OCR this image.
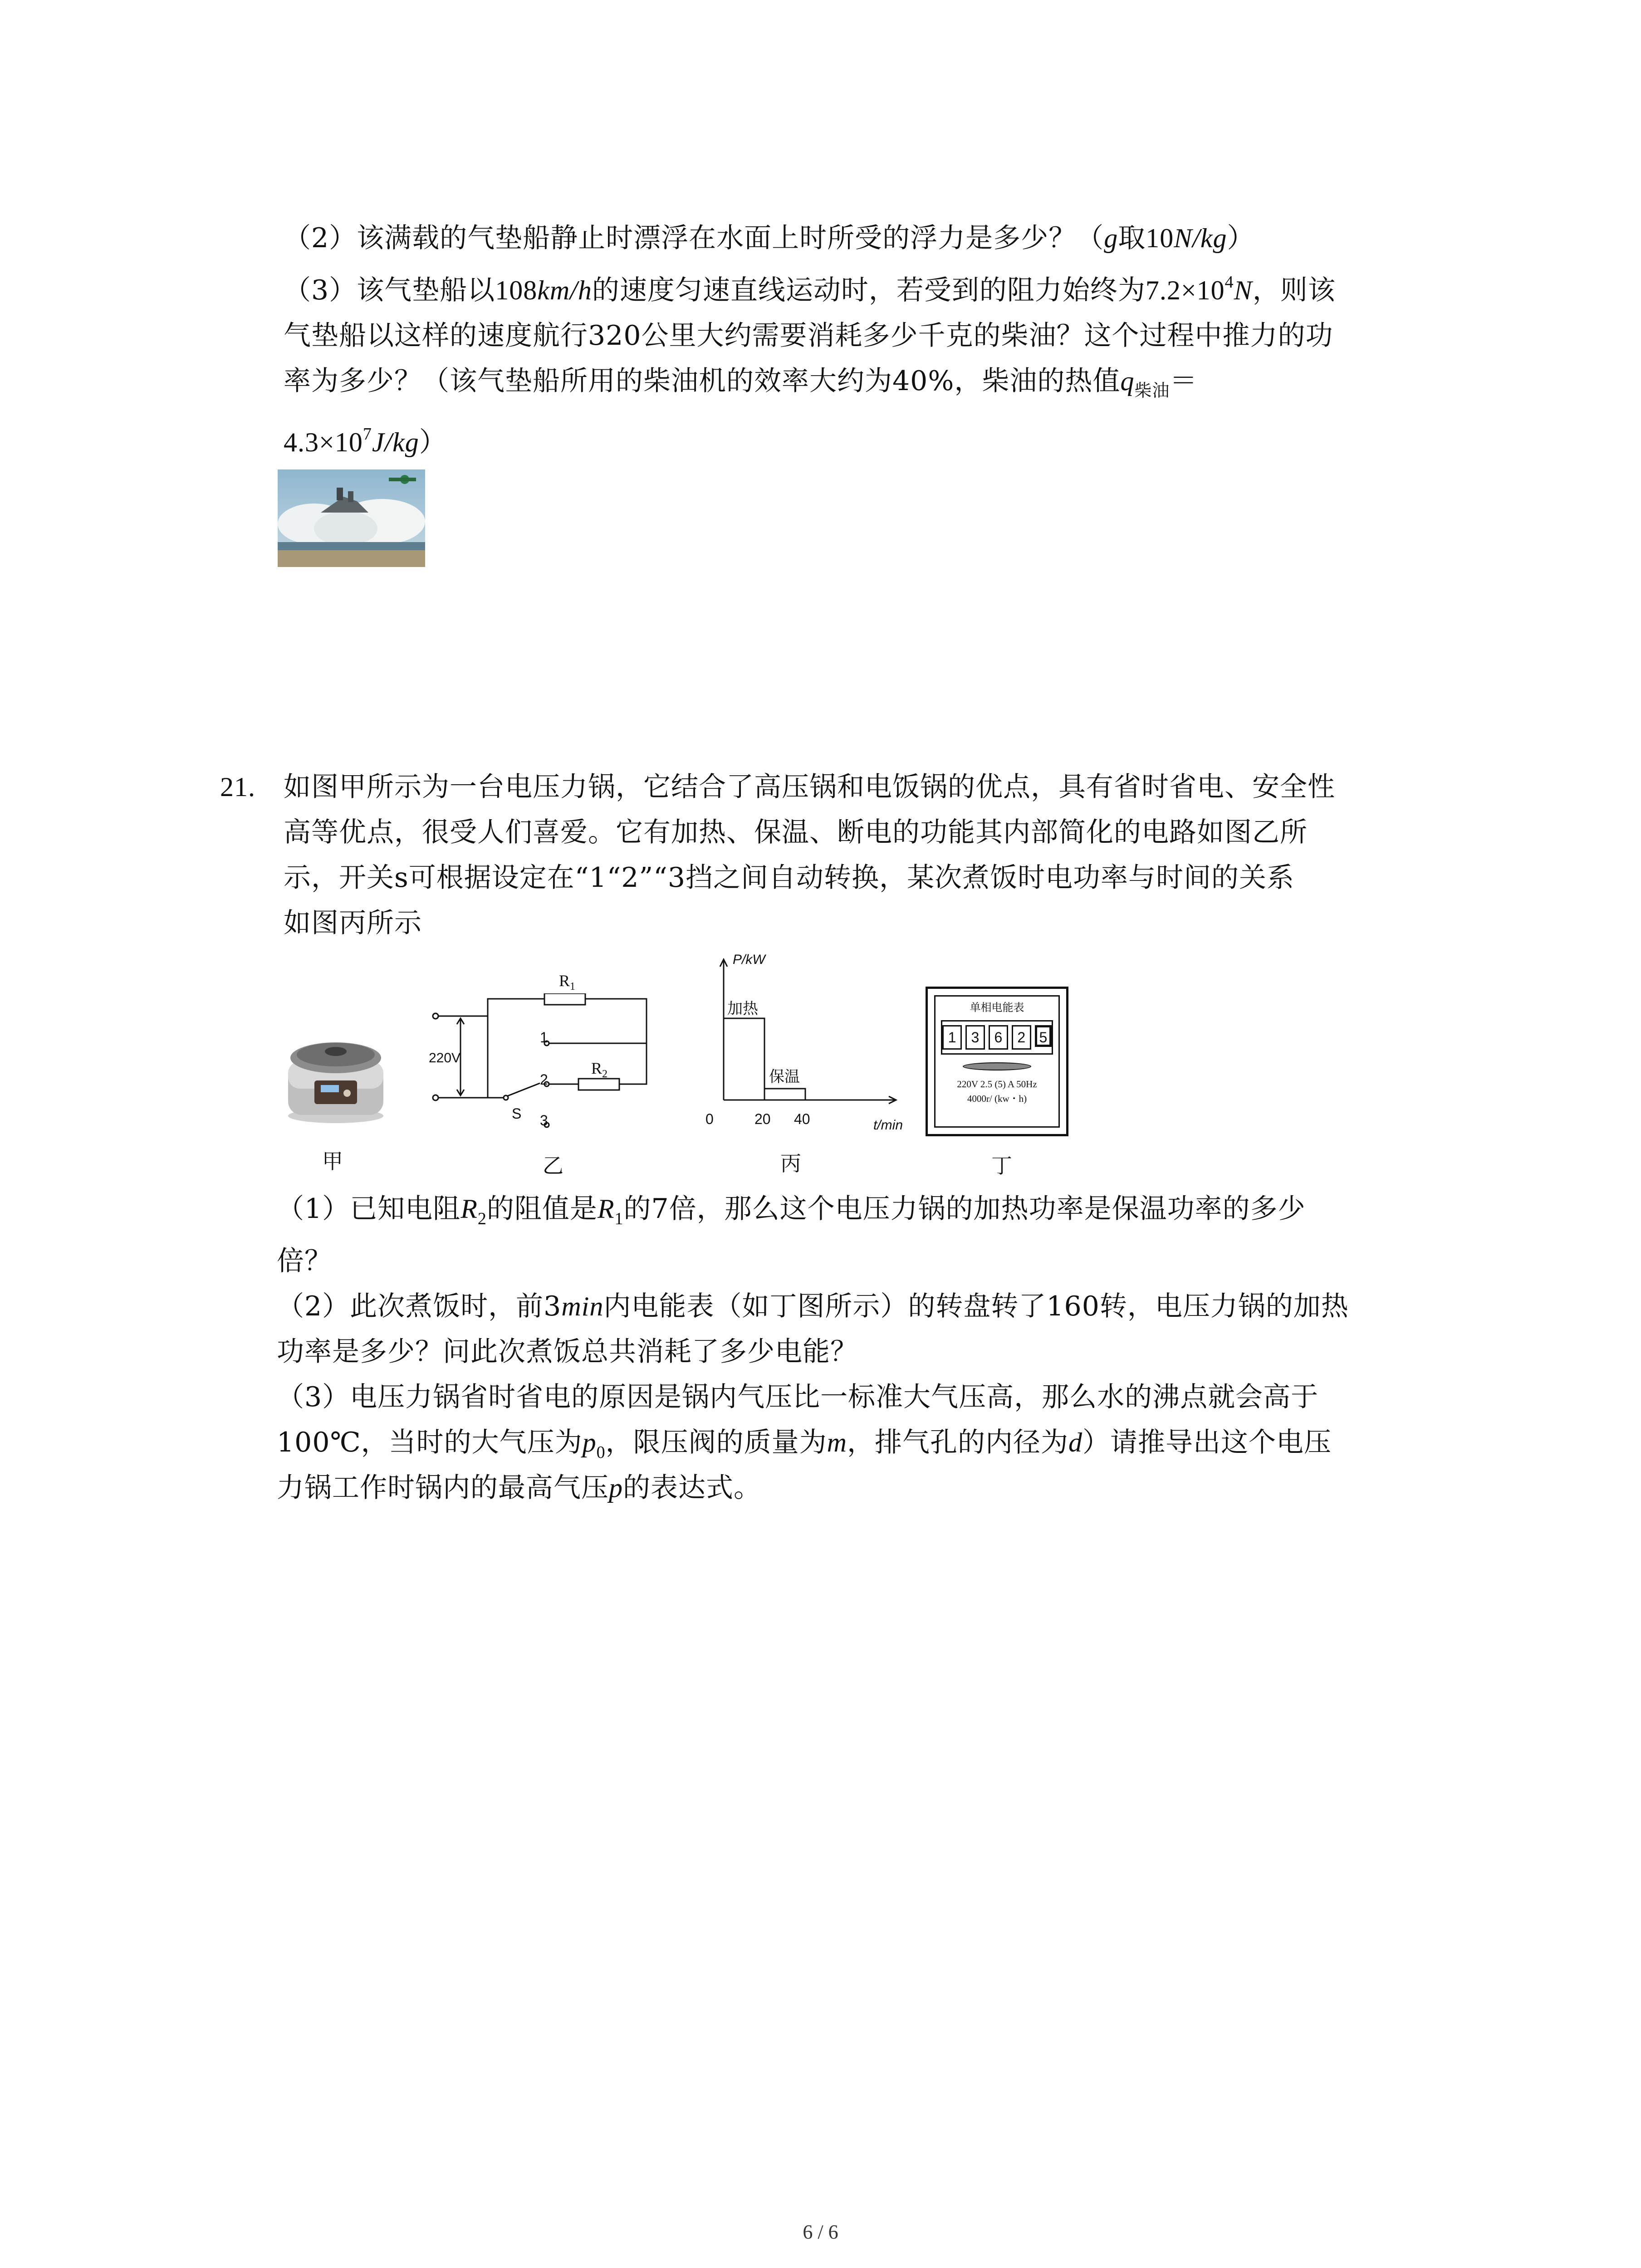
（2）该满载的气垫船静止时漂浮在水面上时所受的浮力是多少？（g取10N/kg）
（3）该气垫船以108km/h的速度匀速直线运动时，若受到的阻力始终为$7.2\times 10^4N$，则该
气垫船以这样的速度航行320公里大约需要消耗多少千克的柴油？这个过程中推力的功
率为多少？（该气垫船所用的柴油机的效率大约为40%，柴油的热值$q_{柴油}=$
$4.3\times 10^7J/kg$）
21. 如图甲所示为一台电压力锅，它结合了高压锅和电饭锅的优点，具有省时省电、安全性
高等优点，很受人们喜爱。它有加热、保温、断电的功能其内部简化的电路如图乙所
示，开关s可根据设定在“1“2”“3挡之间自动转换，某次煮饭时电功率与时间的关系
如图丙所示
220V
$R_1$
$R_2$
1
2
3
S
P/kW
加热
保温
0	20 40	t/min
单相电能表
1	3	6	2 5
220V 2.5 (5) A 50Hz
4000r/ (kw・h)
甲	乙	丙	丁
（1）已知电阻$R_2$的阻值是$R_1$的7倍，那么这个电压力锅的加热功率是保温功率的多少
倍？
（2）此次煮饭时，前3min内电能表（如丁图所示）的转盘转了160转，电压力锅的加热
功率是多少？问此次煮饭总共消耗了多少电能？
（3）电压力锅省时省电的原因是锅内气压比一标准大气压高，那么水的沸点就会高于
100℃，当时的大气压为$p_0$，限压阀的质量为m，排气孔的内径为d）请推导出这个电压
力锅工作时锅内的最高气压p的表达式。
6 / 6
